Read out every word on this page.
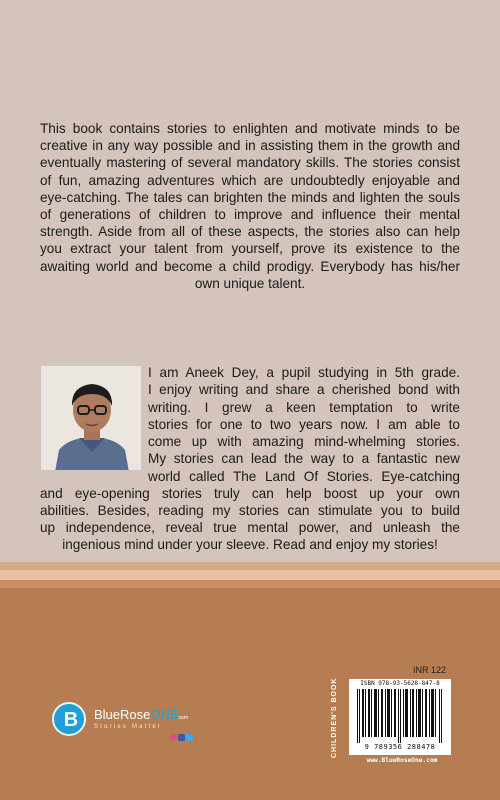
This book contains stories to enlighten and motivate minds to be creative in any way possible and in assisting them in the growth and eventually mastering of several mandatory skills. The stories consist of fun, amazing adventures which are undoubtedly enjoyable and eye-catching. The tales can brighten the minds and lighten the souls of generations of children to improve and influence their mental strength. Aside from all of these aspects, the stories also can help you extract your talent from yourself, prove its existence to the awaiting world and become a child prodigy. Everybody has his/her own unique talent.

I am Aneek Dey, a pupil studying in 5th grade.
I enjoy writing and share a cherished bond with
writing. I grew a keen temptation to write
stories for one to two years now. I am able to
come up with amazing mind-whelming stories.
My stories can lead the way to a fantastic new
world called The Land Of Stories. Eye-catching
and eye-opening stories truly can help boost up your own
abilities. Besides, reading my stories can stimulate you to build
up independence, reveal true mental power, and unleash the
ingenious mind under your sleeve. Read and enjoy my stories!
B	BlueRoseONEcom
Stories Matter
INR 122
CHILDREN'S BOOK	ISBN 978-93-5628-847-8
9 789356 288478
www.BlueRoseOne.com
